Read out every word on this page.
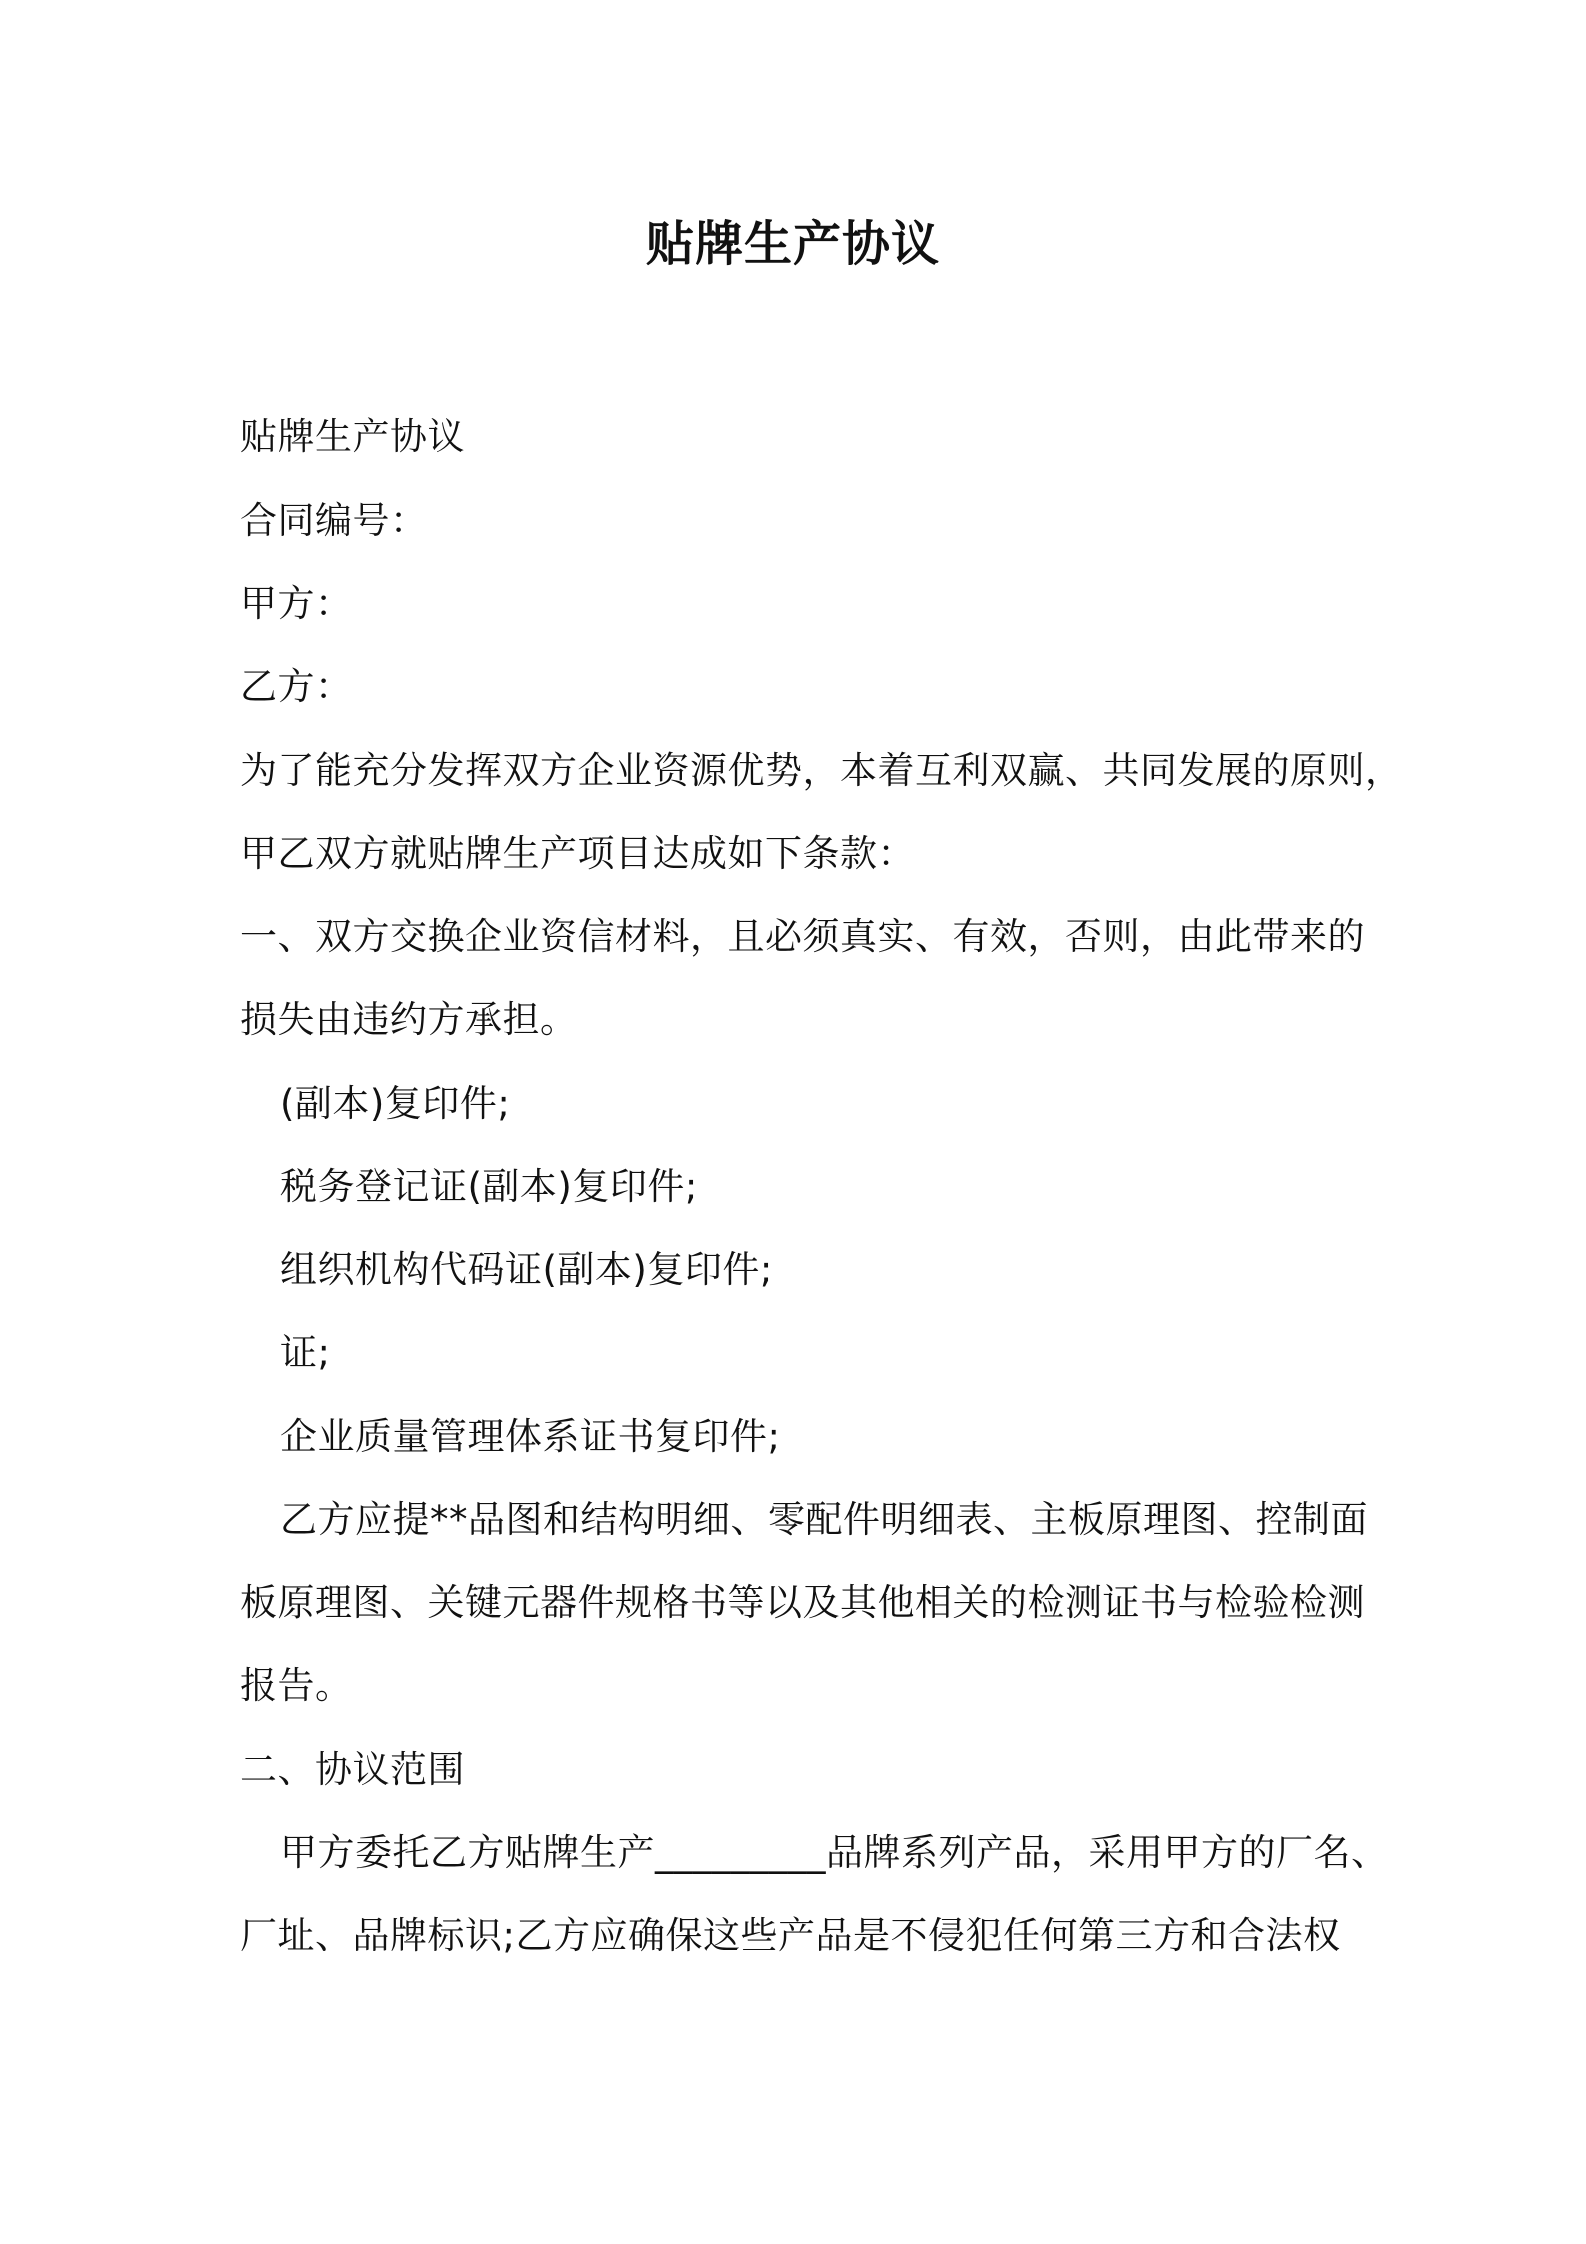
贴牌生产协议
贴牌生产协议
合同编号：
甲方：
乙方：
为了能充分发挥双方企业资源优势，本着互利双赢、共同发展的原则，
甲乙双方就贴牌生产项目达成如下条款：
一、双方交换企业资信材料，且必须真实、有效，否则，由此带来的
损失由违约方承担。
(副本)复印件;
税务登记证(副本)复印件;
组织机构代码证(副本)复印件;
证;
企业质量管理体系证书复印件;
乙方应提**品图和结构明细、零配件明细表、主板原理图、控制面
板原理图、关键元器件规格书等以及其他相关的检测证书与检验检测
报告。
二、协议范围
甲方委托乙方贴牌生产_________品牌系列产品，采用甲方的厂名、
厂址、品牌标识;乙方应确保这些产品是不侵犯任何第三方和合法权
